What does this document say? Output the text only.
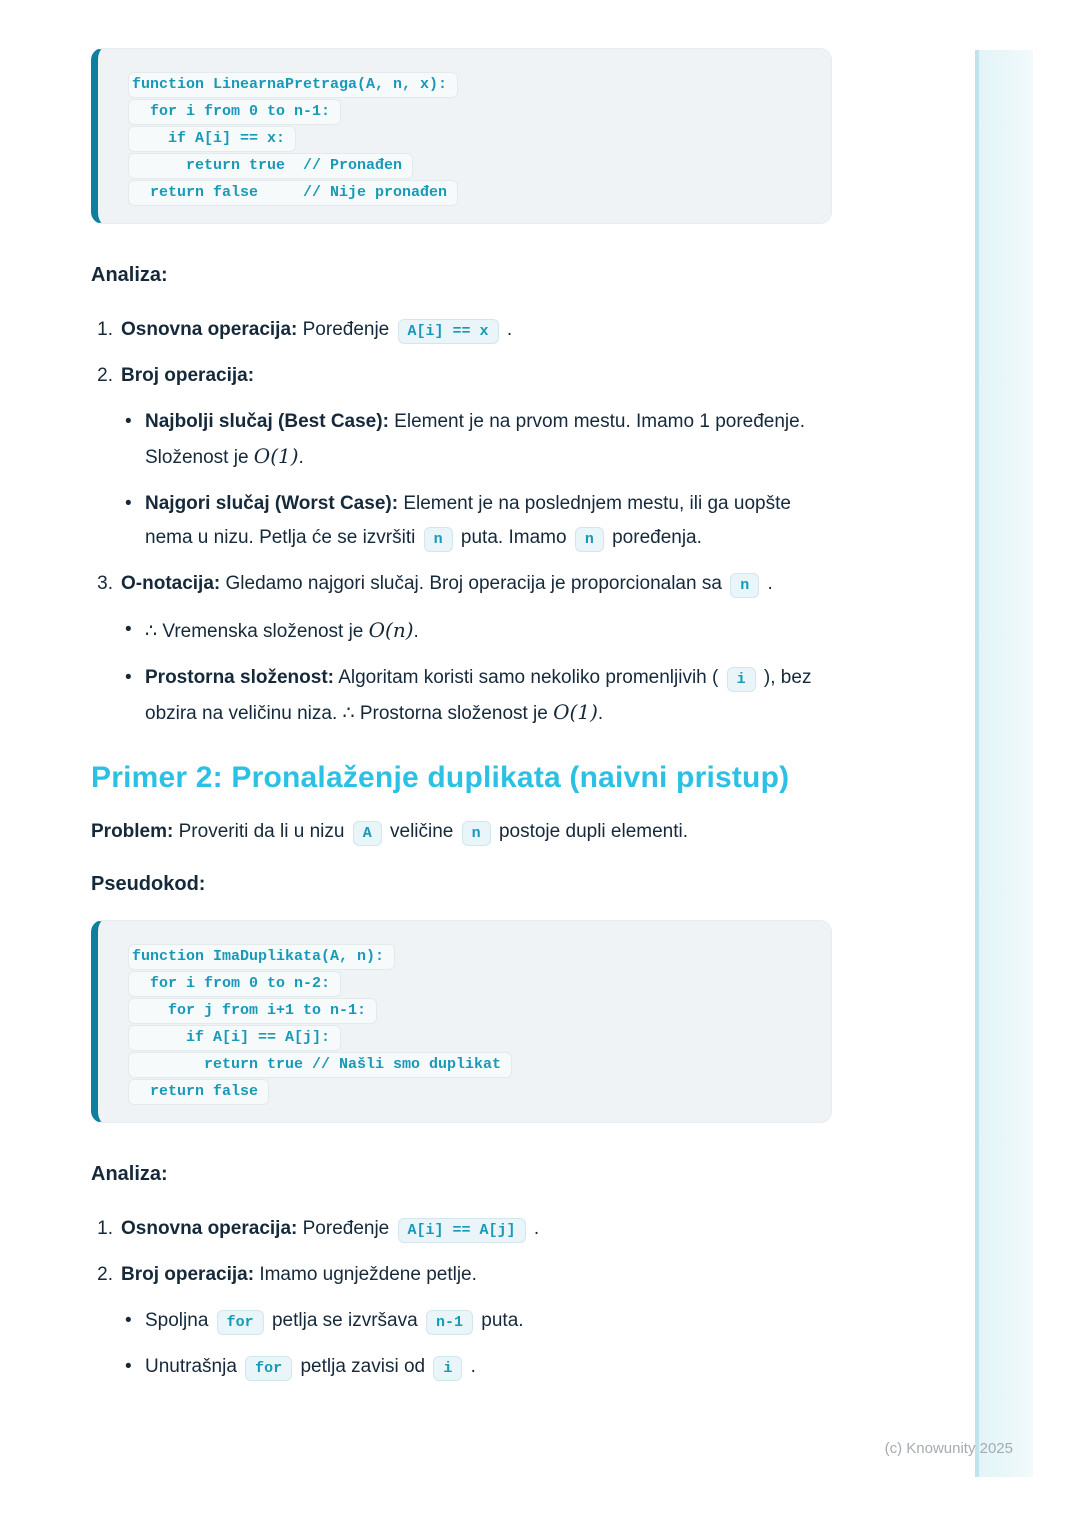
(c) Knowunity 2025
function LinearnaPretraga(A, n, x):
for i from 0 to n-1:
if A[i] == x:
return true  // Pronađen
return false     // Nije pronađen
Analiza:
1. Osnovna operacija: Poređenje A[i] == x .
2. Broj operacija:
• Najbolji slučaj (Best Case): Element je na prvom mestu. Imamo 1 poređenje. Složenost je O(1).
• Najgori slučaj (Worst Case): Element je na poslednjem mestu, ili ga uopšte nema u nizu. Petlja će se izvršiti n puta. Imamo n poređenja.
3. O-notacija: Gledamo najgori slučaj. Broj operacija je proporcionalan sa n .
• ∴ Vremenska složenost je O(n).
• Prostorna složenost: Algoritam koristi samo nekoliko promenljivih ( i ), bez obzira na veličinu niza. ∴ Prostorna složenost je O(1).
Primer 2: Pronalaženje duplikata (naivni pristup)
Problem: Proveriti da li u nizu A veličine n postoje dupli elementi.
Pseudokod:
function ImaDuplikata(A, n):
for i from 0 to n-2:
for j from i+1 to n-1:
if A[i] == A[j]:
return true // Našli smo duplikat
return false
Analiza:
1. Osnovna operacija: Poređenje A[i] == A[j] .
2. Broj operacija: Imamo ugnježdene petlje.
• Spoljna for petlja se izvršava n-1 puta.
• Unutrašnja for petlja zavisi od i .
